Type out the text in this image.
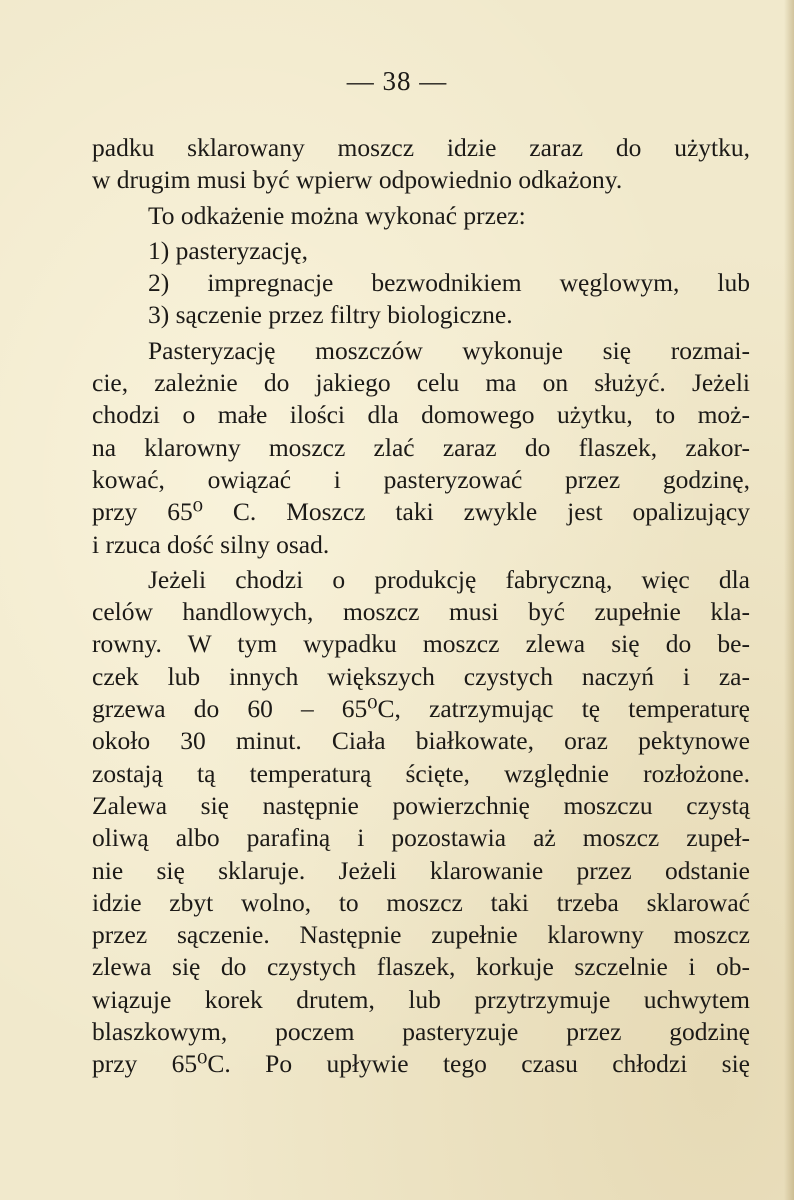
— 38 —
padku sklarowany moszcz idzie zaraz do użytku,
w drugim musi być wpierw odpowiednio odkażony.
To odkażenie można wykonać przez:
1) pasteryzację,
2) impregnacje bezwodnikiem węglowym, lub
3) sączenie przez filtry biologiczne.
Pasteryzację moszczów wykonuje się rozmai-
cie, zależnie do jakiego celu ma on służyć. Jeżeli
chodzi o małe ilości dla domowego użytku, to moż-
na klarowny moszcz zlać zaraz do flaszek, zakor-
kować, owiązać i pasteryzować przez godzinę,
przy 65⁰ C. Moszcz taki zwykle jest opalizujący
i rzuca dość silny osad.
Jeżeli chodzi o produkcję fabryczną, więc dla
celów handlowych, moszcz musi być zupełnie kla-
rowny. W tym wypadku moszcz zlewa się do be-
czek lub innych większych czystych naczyń i za-
grzewa do 60 – 65⁰C, zatrzymując tę temperaturę
około 30 minut. Ciała białkowate, oraz pektynowe
zostają tą temperaturą ścięte, względnie rozłożone.
Zalewa się następnie powierzchnię moszczu czystą
oliwą albo parafiną i pozostawia aż moszcz zupeł-
nie się sklaruje. Jeżeli klarowanie przez odstanie
idzie zbyt wolno, to moszcz taki trzeba sklarować
przez sączenie. Następnie zupełnie klarowny moszcz
zlewa się do czystych flaszek, korkuje szczelnie i ob-
wiązuje korek drutem, lub przytrzymuje uchwytem
blaszkowym, poczem pasteryzuje przez godzinę
przy 65⁰C. Po upływie tego czasu chłodzi się
